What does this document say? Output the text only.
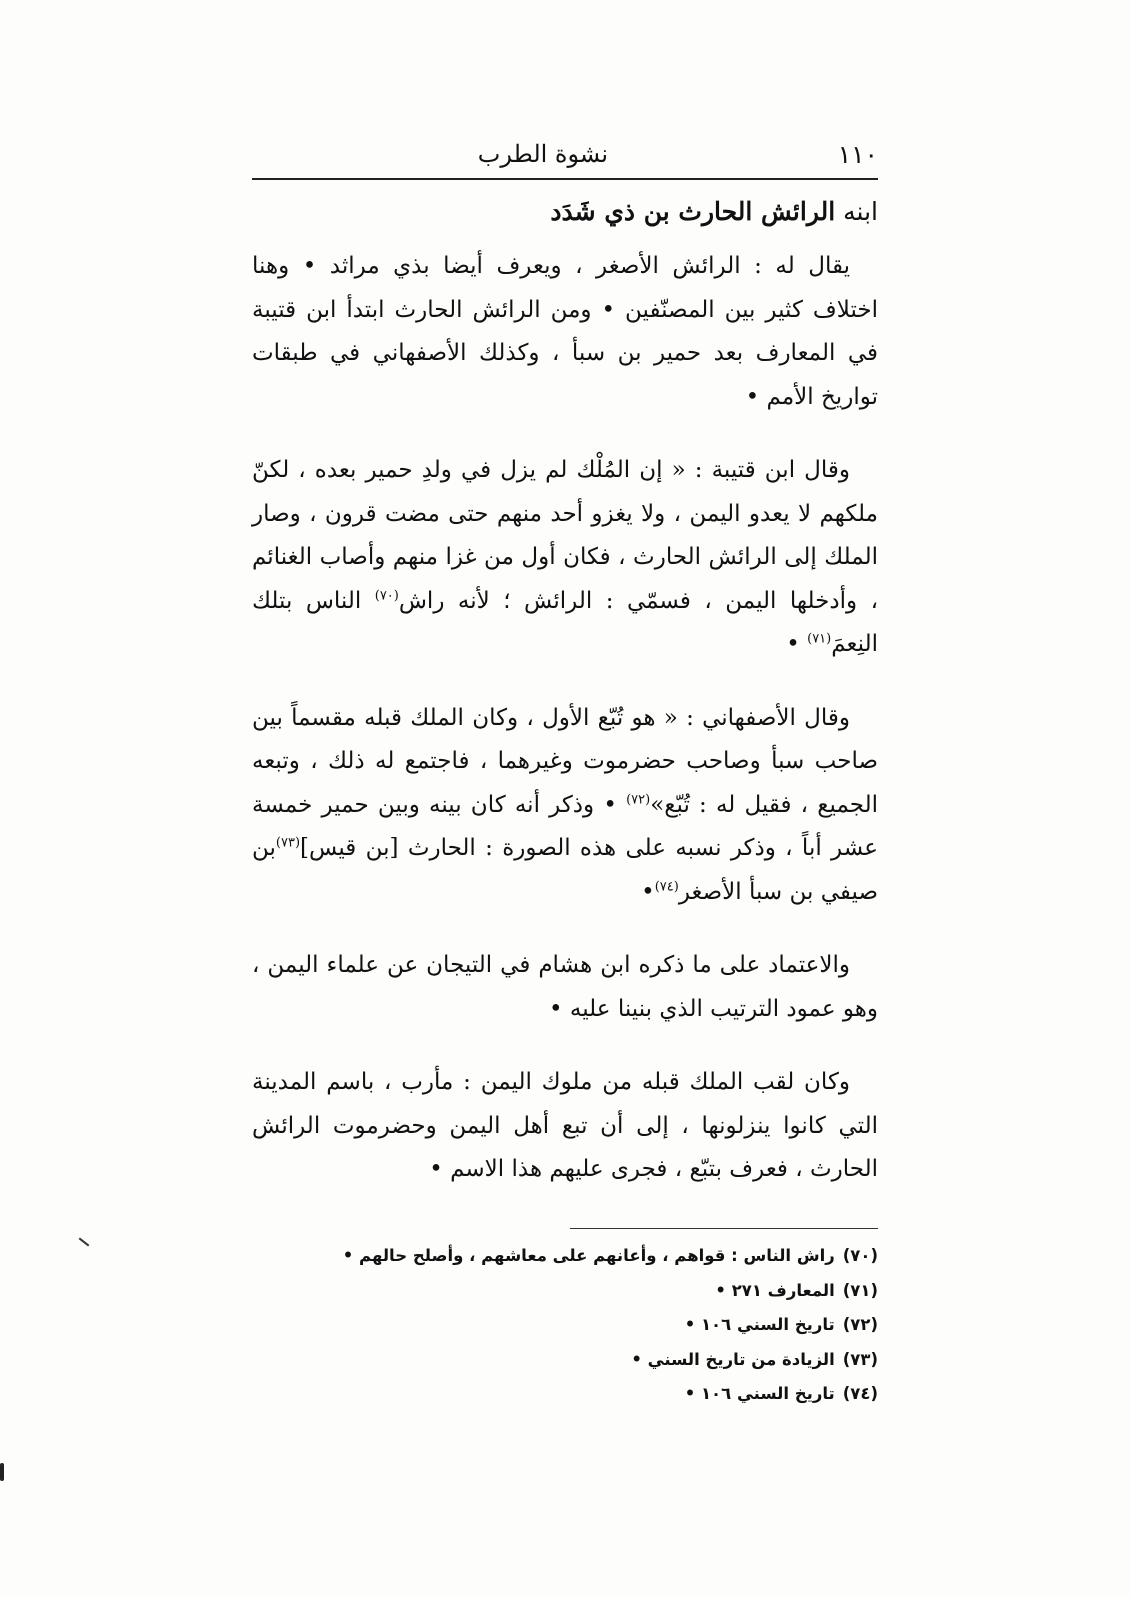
١١٠
نشوة الطرب
ابنه الرائش الحارث بن ذي شَدَد

يقال له : الرائش الأصغر ، ويعرف أيضا بذي مراثد • وهنا اختلاف كثير بين المصنّفين • ومن الرائش الحارث ابتدأ ابن قتيبة في المعارف بعد حمير بن سبأ ، وكذلك الأصفهاني في طبقات تواريخ الأمم •

وقال ابن قتيبة : « إن المُلْك لم يزل في ولدِ حمير بعده ، لكنّ ملكهم لا يعدو اليمن ، ولا يغزو أحد منهم حتى مضت قرون ، وصار الملك إلى الرائش الحارث ، فكان أول من غزا منهم وأصاب الغنائم ، وأدخلها اليمن ، فسمّي : الرائش ؛ لأنه راش$^{(٧٠)}$ الناس بتلك النِعمَ$^{(٧١)}$ •

وقال الأصفهاني : « هو تُبّع الأول ، وكان الملك قبله مقسماً بين صاحب سبأ وصاحب حضرموت وغيرهما ، فاجتمع له ذلك ، وتبعه الجميع ، فقيل له : تُبّع»$^{(٧٢)}$ • وذكر أنه كان بينه وبين حمير خمسة عشر أباً ، وذكر نسبه على هذه الصورة : الحارث [بن قيس]$^{(٧٣)}$بن صيفي بن سبأ الأصغر$^{(٧٤)}$•

والاعتماد على ما ذكره ابن هشام في التيجان عن علماء اليمن ، وهو عمود الترتيب الذي بنينا عليه •

وكان لقب الملك قبله من ملوك اليمن : مأرب ، باسم المدينة التي كانوا ينزلونها ، إلى أن تبع أهل اليمن وحضرموت الرائش الحارث ، فعرف بتبّع ، فجرى عليهم هذا الاسم •

(٧٠)راش الناس : قواهم ، وأعانهم على معاشهم ، وأصلح حالهم •
(٧١)المعارف ٢٧١ •
(٧٢)تاريخ السني ١٠٦ •
(٧٣)الزيادة من تاريخ السني •
(٧٤)تاريخ السني ١٠٦ •
